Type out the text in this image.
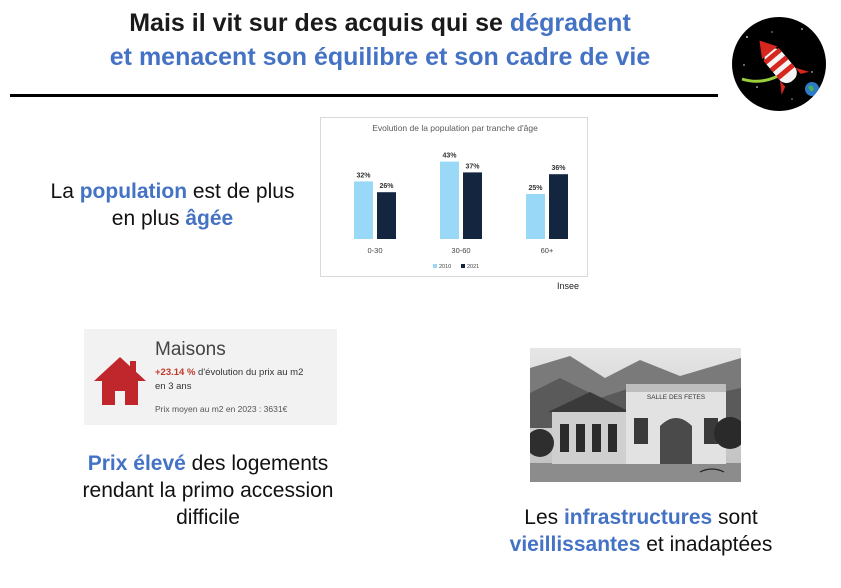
Mais il vit sur des acquis qui se dégradent
et menacent son équilibre et son cadre de vie
La population est de plus en plus âgée
Evolution de la population par tranche d'âge
32%
26%
0-30
43%
37%
30-60
25%
36%
60+
2010	2021
Insee
Maisons
+23.14 % d'évolution du prix au m2
en 3 ans
Prix moyen au m2 en 2023 : 3631€
Prix élevé des logements rendant la primo accession difficile
SALLE DES FETES
Les infrastructures sont vieillissantes et inadaptées
